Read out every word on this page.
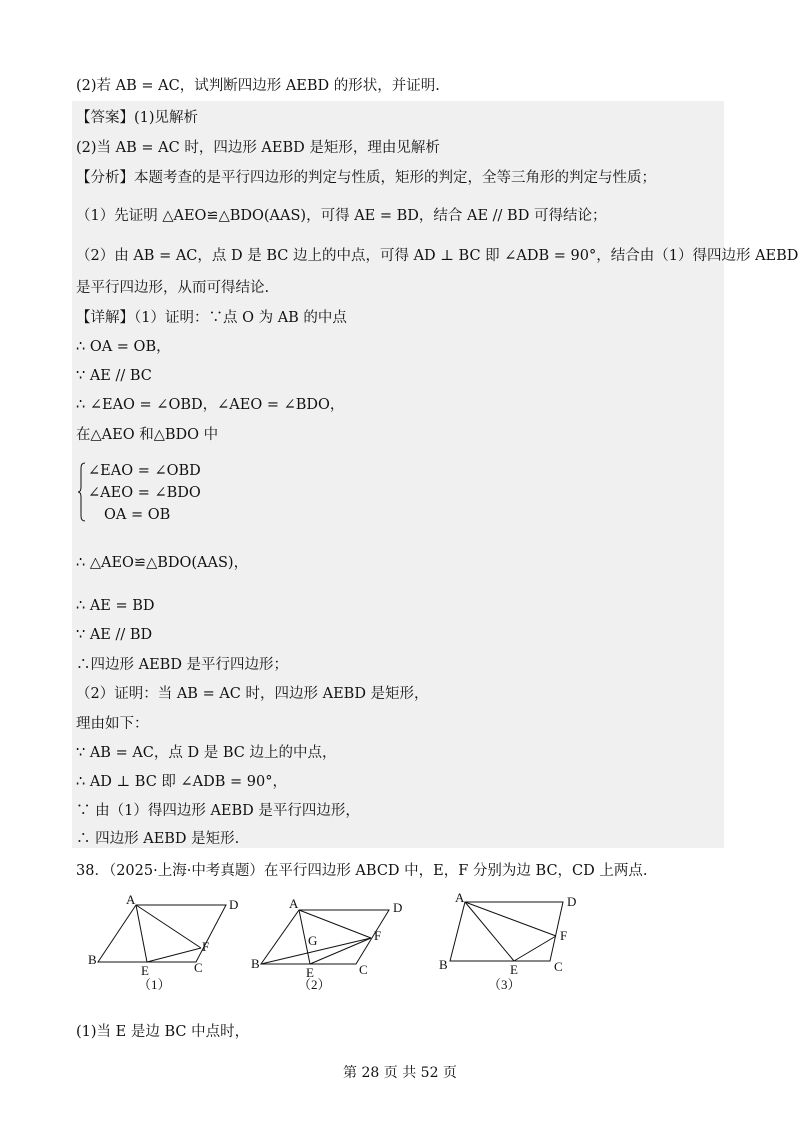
(2)若 AB = AC，试判断四边形 AEBD 的形状，并证明.
【答案】(1)见解析
(2)当 AB = AC 时，四边形 AEBD 是矩形，理由见解析
【分析】本题考查的是平行四边形的判定与性质，矩形的判定，全等三角形的判定与性质；
（1）先证明 △AEO≌△BDO(AAS)，可得 AE = BD，结合 AE // BD 可得结论；
（2）由 AB = AC，点 D 是 BC 边上的中点，可得 AD ⊥ BC 即 ∠ADB = 90°，结合由（1）得四边形 AEBD
是平行四边形，从而可得结论.
【详解】（1）证明：∵点 O 为 AB 的中点
∴ OA = OB，
∵ AE // BC
∴ ∠EAO = ∠OBD，∠AEO = ∠BDO，
在△AEO 和△BDO 中
∠EAO = ∠OBD
∠AEO = ∠BDO
OA = OB
∴ △AEO≌△BDO(AAS)，
∴ AE = BD
∵ AE // BD
∴四边形 AEBD 是平行四边形；
（2）证明：当 AB = AC 时，四边形 AEBD 是矩形，
理由如下：
∵ AB = AC，点 D 是 BC 边上的中点，
∴ AD ⊥ BC 即 ∠ADB = 90°，
∵ 由（1）得四边形 AEBD 是平行四边形，
∴ 四边形 AEBD 是矩形.
38．（2025·上海·中考真题）在平行四边形 ABCD 中，E，F 分别为边 BC，CD 上两点.
A
B
C
D
E
F
（1）
A
B	C
D
E
F
G
（2）
A
B	C
D
E
F
（3）
(1)当 E 是边 BC 中点时，
第 28 页 共 52 页
